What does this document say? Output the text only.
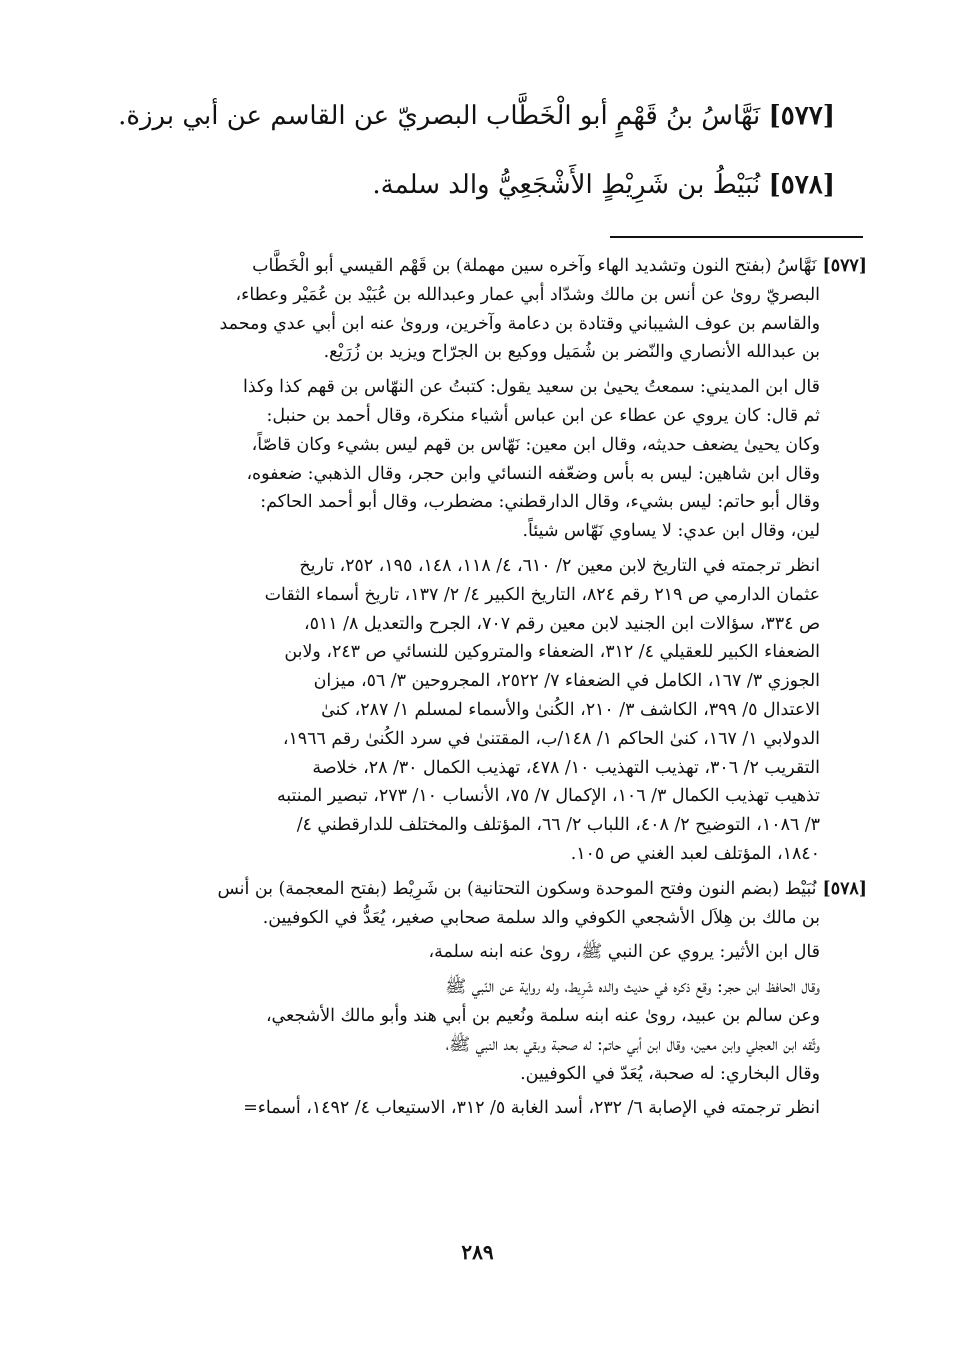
[٥٧٧] نَهَّاسُ بنُ قَهْمٍ أبو الْخَطَّاب البصريّ عن القاسم عن أبي برزة.
[٥٧٨] نُبَيْطُ بن شَرِيْطٍ الأَشْجَعِيُّ والد سلمة.

[٥٧٧]نَهَّاسُ (بفتح النون وتشديد الهاء وآخره سين مهملة) بن قَهْم القيسي أبو الْخَطَّاب

البصريّ روىٰ عن أنس بن مالك وشدّاد أبي عمار وعبدالله بن عُبَيْد بن عُمَيْر وعطاء،

والقاسم بن عوف الشيباني وقتادة بن دعامة وآخرين، ورویٰ عنه ابن أبي عدي ومحمد

بن عبدالله الأنصاري والنّضر بن شُمَيل ووكيع بن الجرّاح ويزيد بن زُرَيْع.

قال ابن المديني: سمعتُ يحيىٰ بن سعيد يقول: كتبتُ عن النهّاس بن قهم كذا وكذا

ثم قال: كان يروي عن عطاء عن ابن عباس أشياء منكرة، وقال أحمد بن حنبل:

وكان يحيىٰ يضعف حديثه، وقال ابن معين: نَهّاس بن قهم ليس بشيء وكان قاصّاً،

وقال ابن شاهين: ليس به بأس وضعّفه النسائي وابن حجر، وقال الذهبي: ضعفوه،

وقال أبو حاتم: ليس بشيء، وقال الدارقطني: مضطرب، وقال أبو أحمد الحاكم:

لين، وقال ابن عدي: لا يساوي نَهّاس شيئاً.

انظر ترجمته في التاريخ لابن معين ٢/ ٦١٠، ٤/ ١١٨، ١٤٨، ١٩٥، ٢٥٢، تاريخ

عثمان الدارمي ص ٢١٩ رقم ٨٢٤، التاريخ الكبير ٤/ ٢/ ١٣٧، تاريخ أسماء الثقات

ص ٣٣٤، سؤالات ابن الجنيد لابن معين رقم ٧٠٧، الجرح والتعديل ٨/ ٥١١،

الضعفاء الكبير للعقيلي ٤/ ٣١٢، الضعفاء والمتروكين للنسائي ص ٢٤٣، ولابن

الجوزي ٣/ ١٦٧، الكامل في الضعفاء ٧/ ٢٥٢٢، المجروحين ٣/ ٥٦، ميزان

الاعتدال ٥/ ٣٩٩، الكاشف ٣/ ٢١٠، الكُنىٰ والأسماء لمسلم ١/ ٢٨٧، كنىٰ

الدولابي ١/ ١٦٧، كنىٰ الحاكم ١/ ١٤٨/ب، المقتنىٰ في سرد الكُنىٰ رقم ١٩٦٦،

التقريب ٢/ ٣٠٦، تهذيب التهذيب ١٠/ ٤٧٨، تهذيب الكمال ٣٠/ ٢٨، خلاصة

تذهيب تهذيب الكمال ٣/ ١٠٦، الإكمال ٧/ ٧٥، الأنساب ١٠/ ٢٧٣، تبصير المنتبه

٣/ ١٠٨٦، التوضيح ٢/ ٤٠٨، اللباب ٢/ ٦٦، المؤتلف والمختلف للدارقطني ٤/

١٨٤٠، المؤتلف لعبد الغني ص ١٠٥.

[٥٧٨]نُبَيْط (بضم النون وفتح الموحدة وسكون التحتانية) بن شَرِيْط (بفتح المعجمة) بن أنس

بن مالك بن هِلاَل الأشجعي الكوفي والد سلمة صحابي صغير، يُعَدُّ في الكوفيين.

قال ابن الأثير: يروي عن النبي ﷺ، روىٰ عنه ابنه سلمة،

وقال الحافظ ابن حجر: وقع ذكره في حديث والده شَرِيط، وله رواية عن النّبي ﷺ

وعن سالم بن عبيد، روىٰ عنه ابنه سلمة ونُعيم بن أبي هند وأبو مالك الأشجعي،

وثّقه ابن العجلي وابن معين، وقال ابن أبي حاتم: له صحبة وبقي بعد النبي ﷺ،

وقال البخاري: له صحبة، يُعَدّ في الكوفيين.

انظر ترجمته في الإصابة ٦/ ٢٣٢، أسد الغابة ٥/ ٣١٢، الاستيعاب ٤/ ١٤٩٢، أسماء=

٢٨٩
